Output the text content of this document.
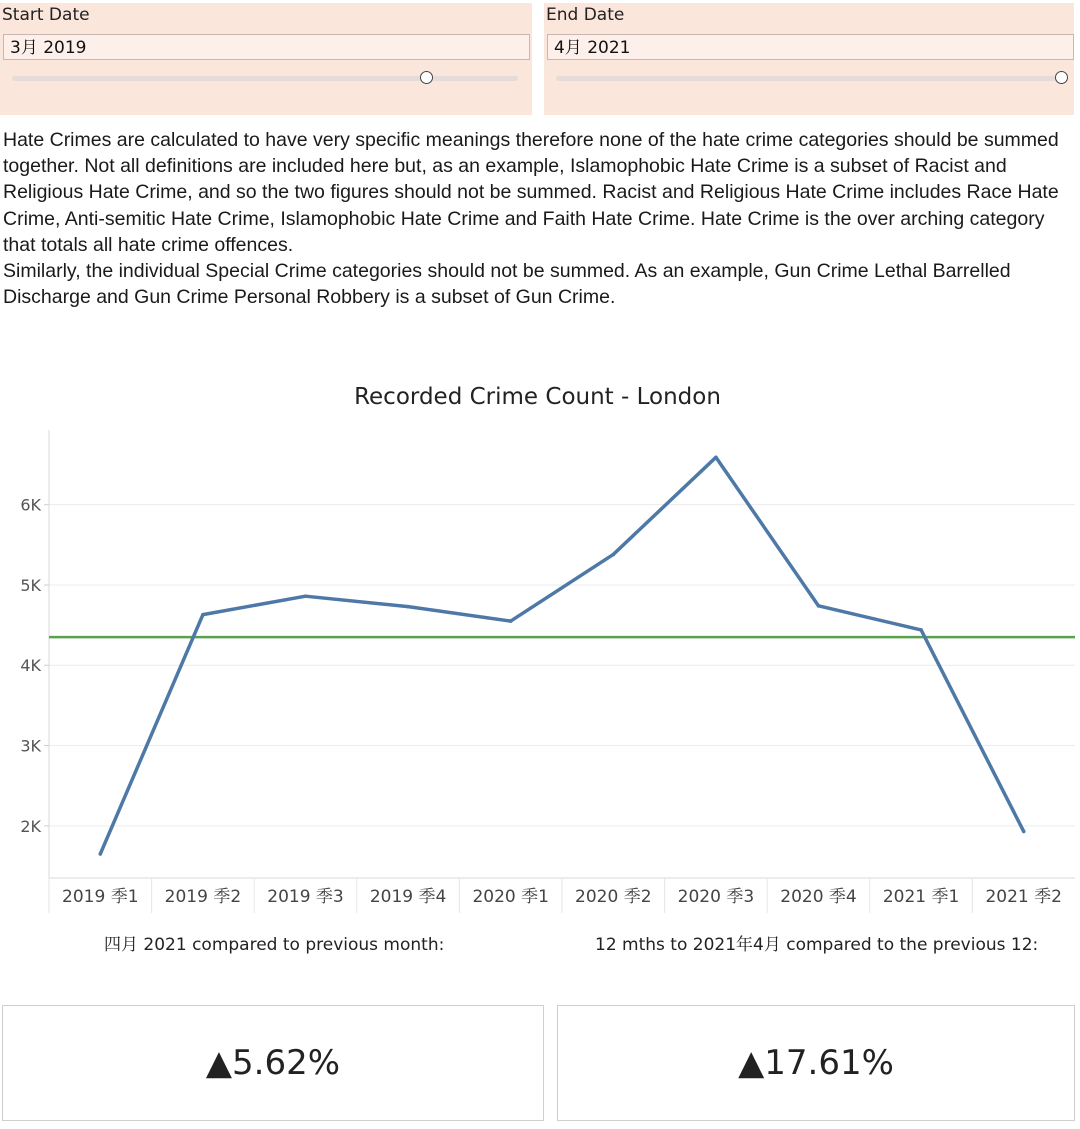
Start Date
3月 2019
End Date
4月 2021

Hate Crimes are calculated to have very specific meanings therefore none of the hate crime categories should be summed together. Not all definitions are included here but, as an example, Islamophobic Hate Crime is a subset of Racist and Religious Hate Crime, and so the two figures should not be summed. Racist and Religious Hate Crime includes Race Hate Crime, Anti-semitic Hate Crime, Islamophobic Hate Crime and Faith Hate Crime. Hate Crime is the over arching category that totals all hate crime offences.

Similarly, the individual Special Crime categories should not be summed. As an example, Gun Crime Lethal Barrelled Discharge and Gun Crime Personal Robbery is a subset of Gun Crime.

Recorded Crime Count - London
2K
3K
4K
5K
6K
2019 季1 2019 季2 2019 季3 2019 季4 2020 季1 2020 季2 2020 季3 2020 季4 2021 季1 2021 季2
四月 2021 compared to previous month:	12 mths to 2021年4月 compared to the previous 12:
▲5.62%	▲17.61%
